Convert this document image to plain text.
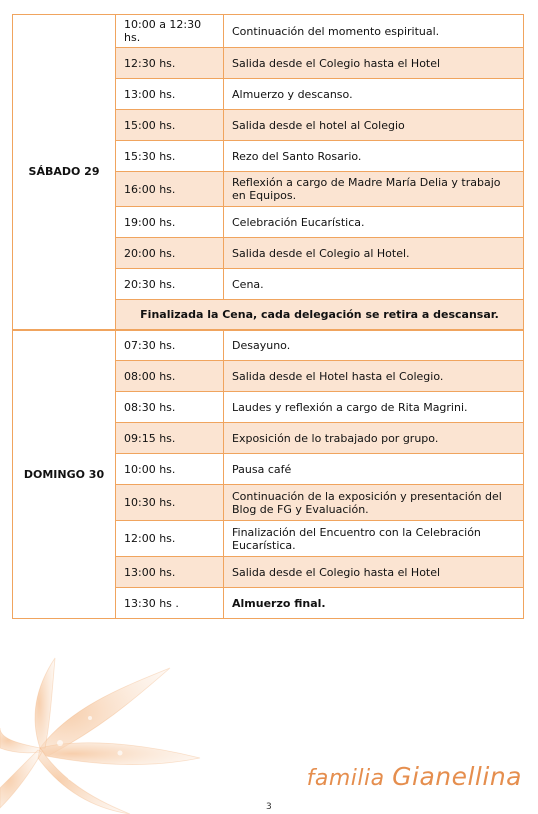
SÁBADO 29	10:00 a 12:30 hs.	Continuación del momento espiritual.
	12:30 hs.	Salida desde el Colegio hasta el Hotel
	13:00 hs.	Almuerzo y descanso.
	15:00 hs.	Salida desde el hotel al Colegio
	15:30 hs.	Rezo del Santo Rosario.
	16:00 hs.	Reflexión a cargo de Madre María Delia y trabajo en Equipos.
	19:00 hs.	Celebración Eucarística.
	20:00 hs.	Salida desde el Colegio al Hotel.
	20:30 hs.	Cena.
	Finalizada la Cena, cada delegación se retira a descansar.	
DOMINGO 30	07:30 hs.	Desayuno.
	08:00 hs.	Salida desde el Hotel hasta el Colegio.
	08:30 hs.	Laudes y reflexión a cargo de Rita Magrini.
	09:15 hs.	Exposición de lo trabajado por grupo.
	10:00 hs.	Pausa café
	10:30 hs.	Continuación de la exposición y presentación del Blog de FG y Evaluación.
	12:00 hs.	Finalización del Encuentro con la Celebración Eucarística.
	13:00 hs.	Salida desde el Colegio hasta el Hotel
	13:30 hs .	Almuerzo final.
familia Gianellina
3
